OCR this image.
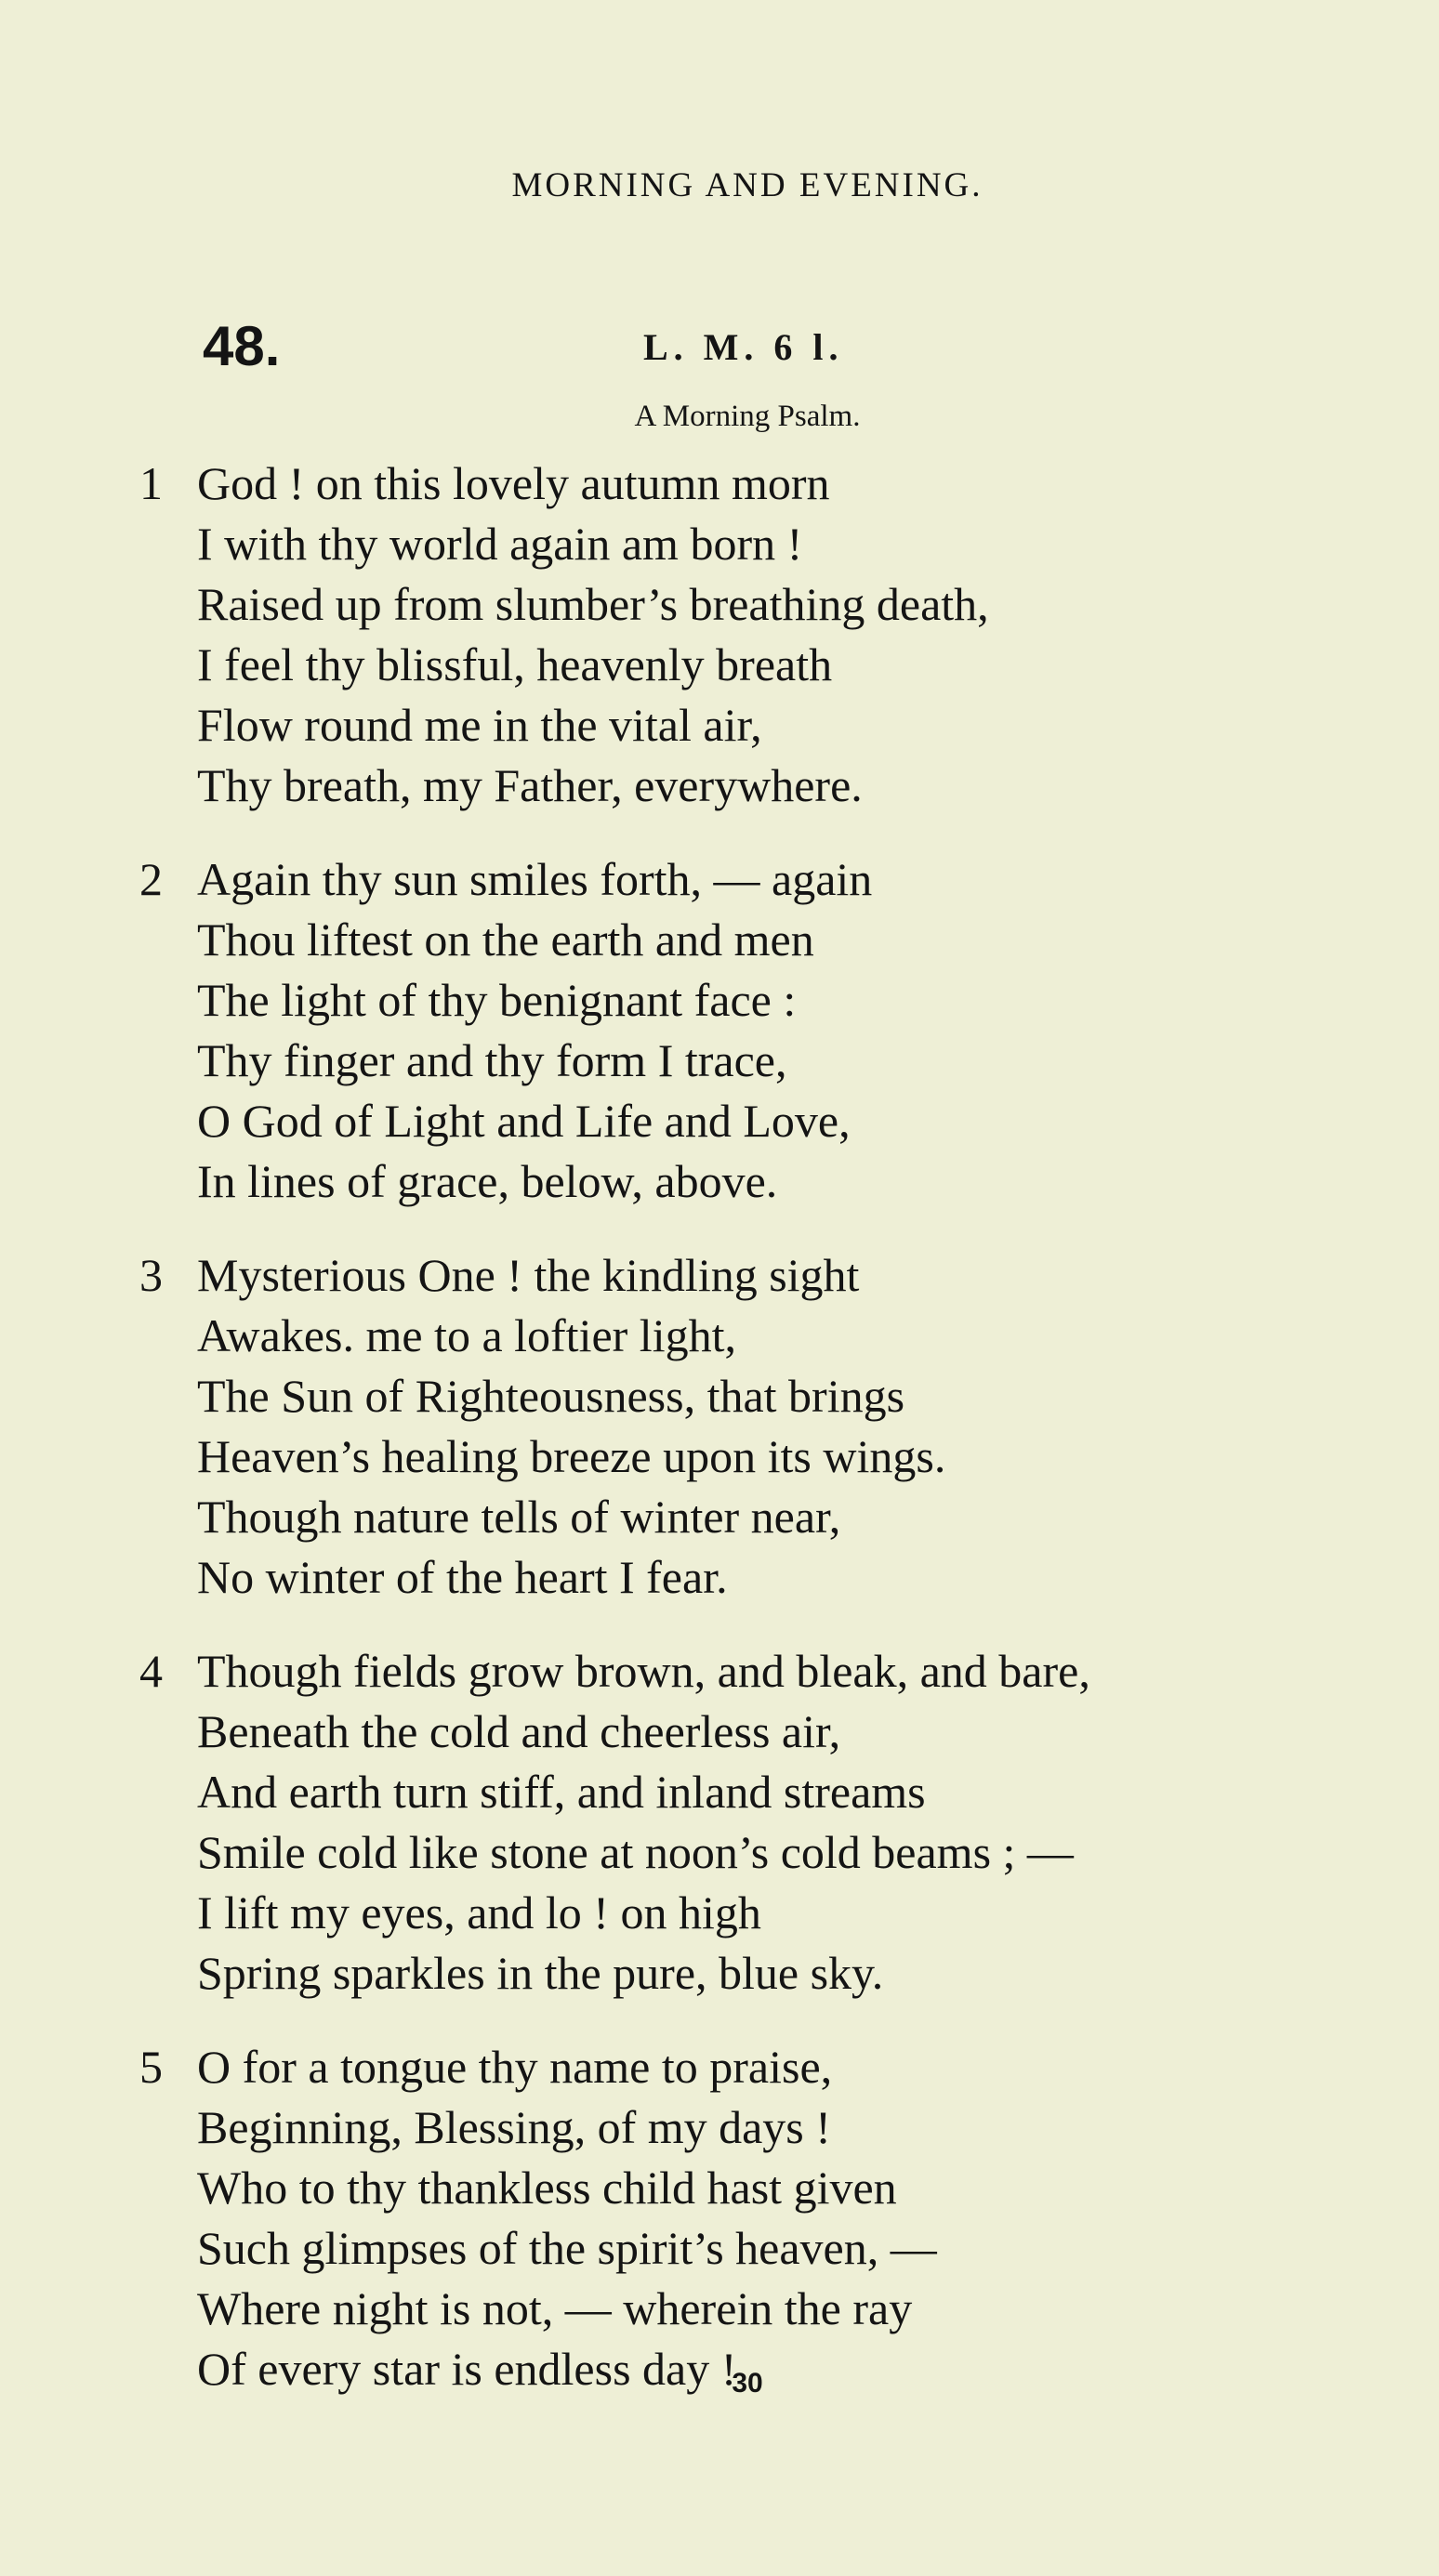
MORNING AND EVENING.
48.	L. M. 6 l.
A Morning Psalm.
1 God ! on this lovely autumn morn
I with thy world again am born !
Raised up from slumber’s breathing death,
I feel thy blissful, heavenly breath
Flow round me in the vital air,
Thy breath, my Father, everywhere.
2 Again thy sun smiles forth, — again
Thou liftest on the earth and men
The light of thy benignant face :
Thy finger and thy form I trace,
O God of Light and Life and Love,
In lines of grace, below, above.
3 Mysterious One ! the kindling sight
Awakes. me to a loftier light,
The Sun of Righteousness, that brings
Heaven’s healing breeze upon its wings.
Though nature tells of winter near,
No winter of the heart I fear.
4 Though fields grow brown, and bleak, and bare,
Beneath the cold and cheerless air,
And earth turn stiff, and inland streams
Smile cold like stone at noon’s cold beams ; —
I lift my eyes, and lo ! on high
Spring sparkles in the pure, blue sky.
5 O for a tongue thy name to praise,
Beginning, Blessing, of my days !
Who to thy thankless child hast given
Such glimpses of the spirit’s heaven, —
Where night is not, — wherein the ray
Of every star is endless day !
30
